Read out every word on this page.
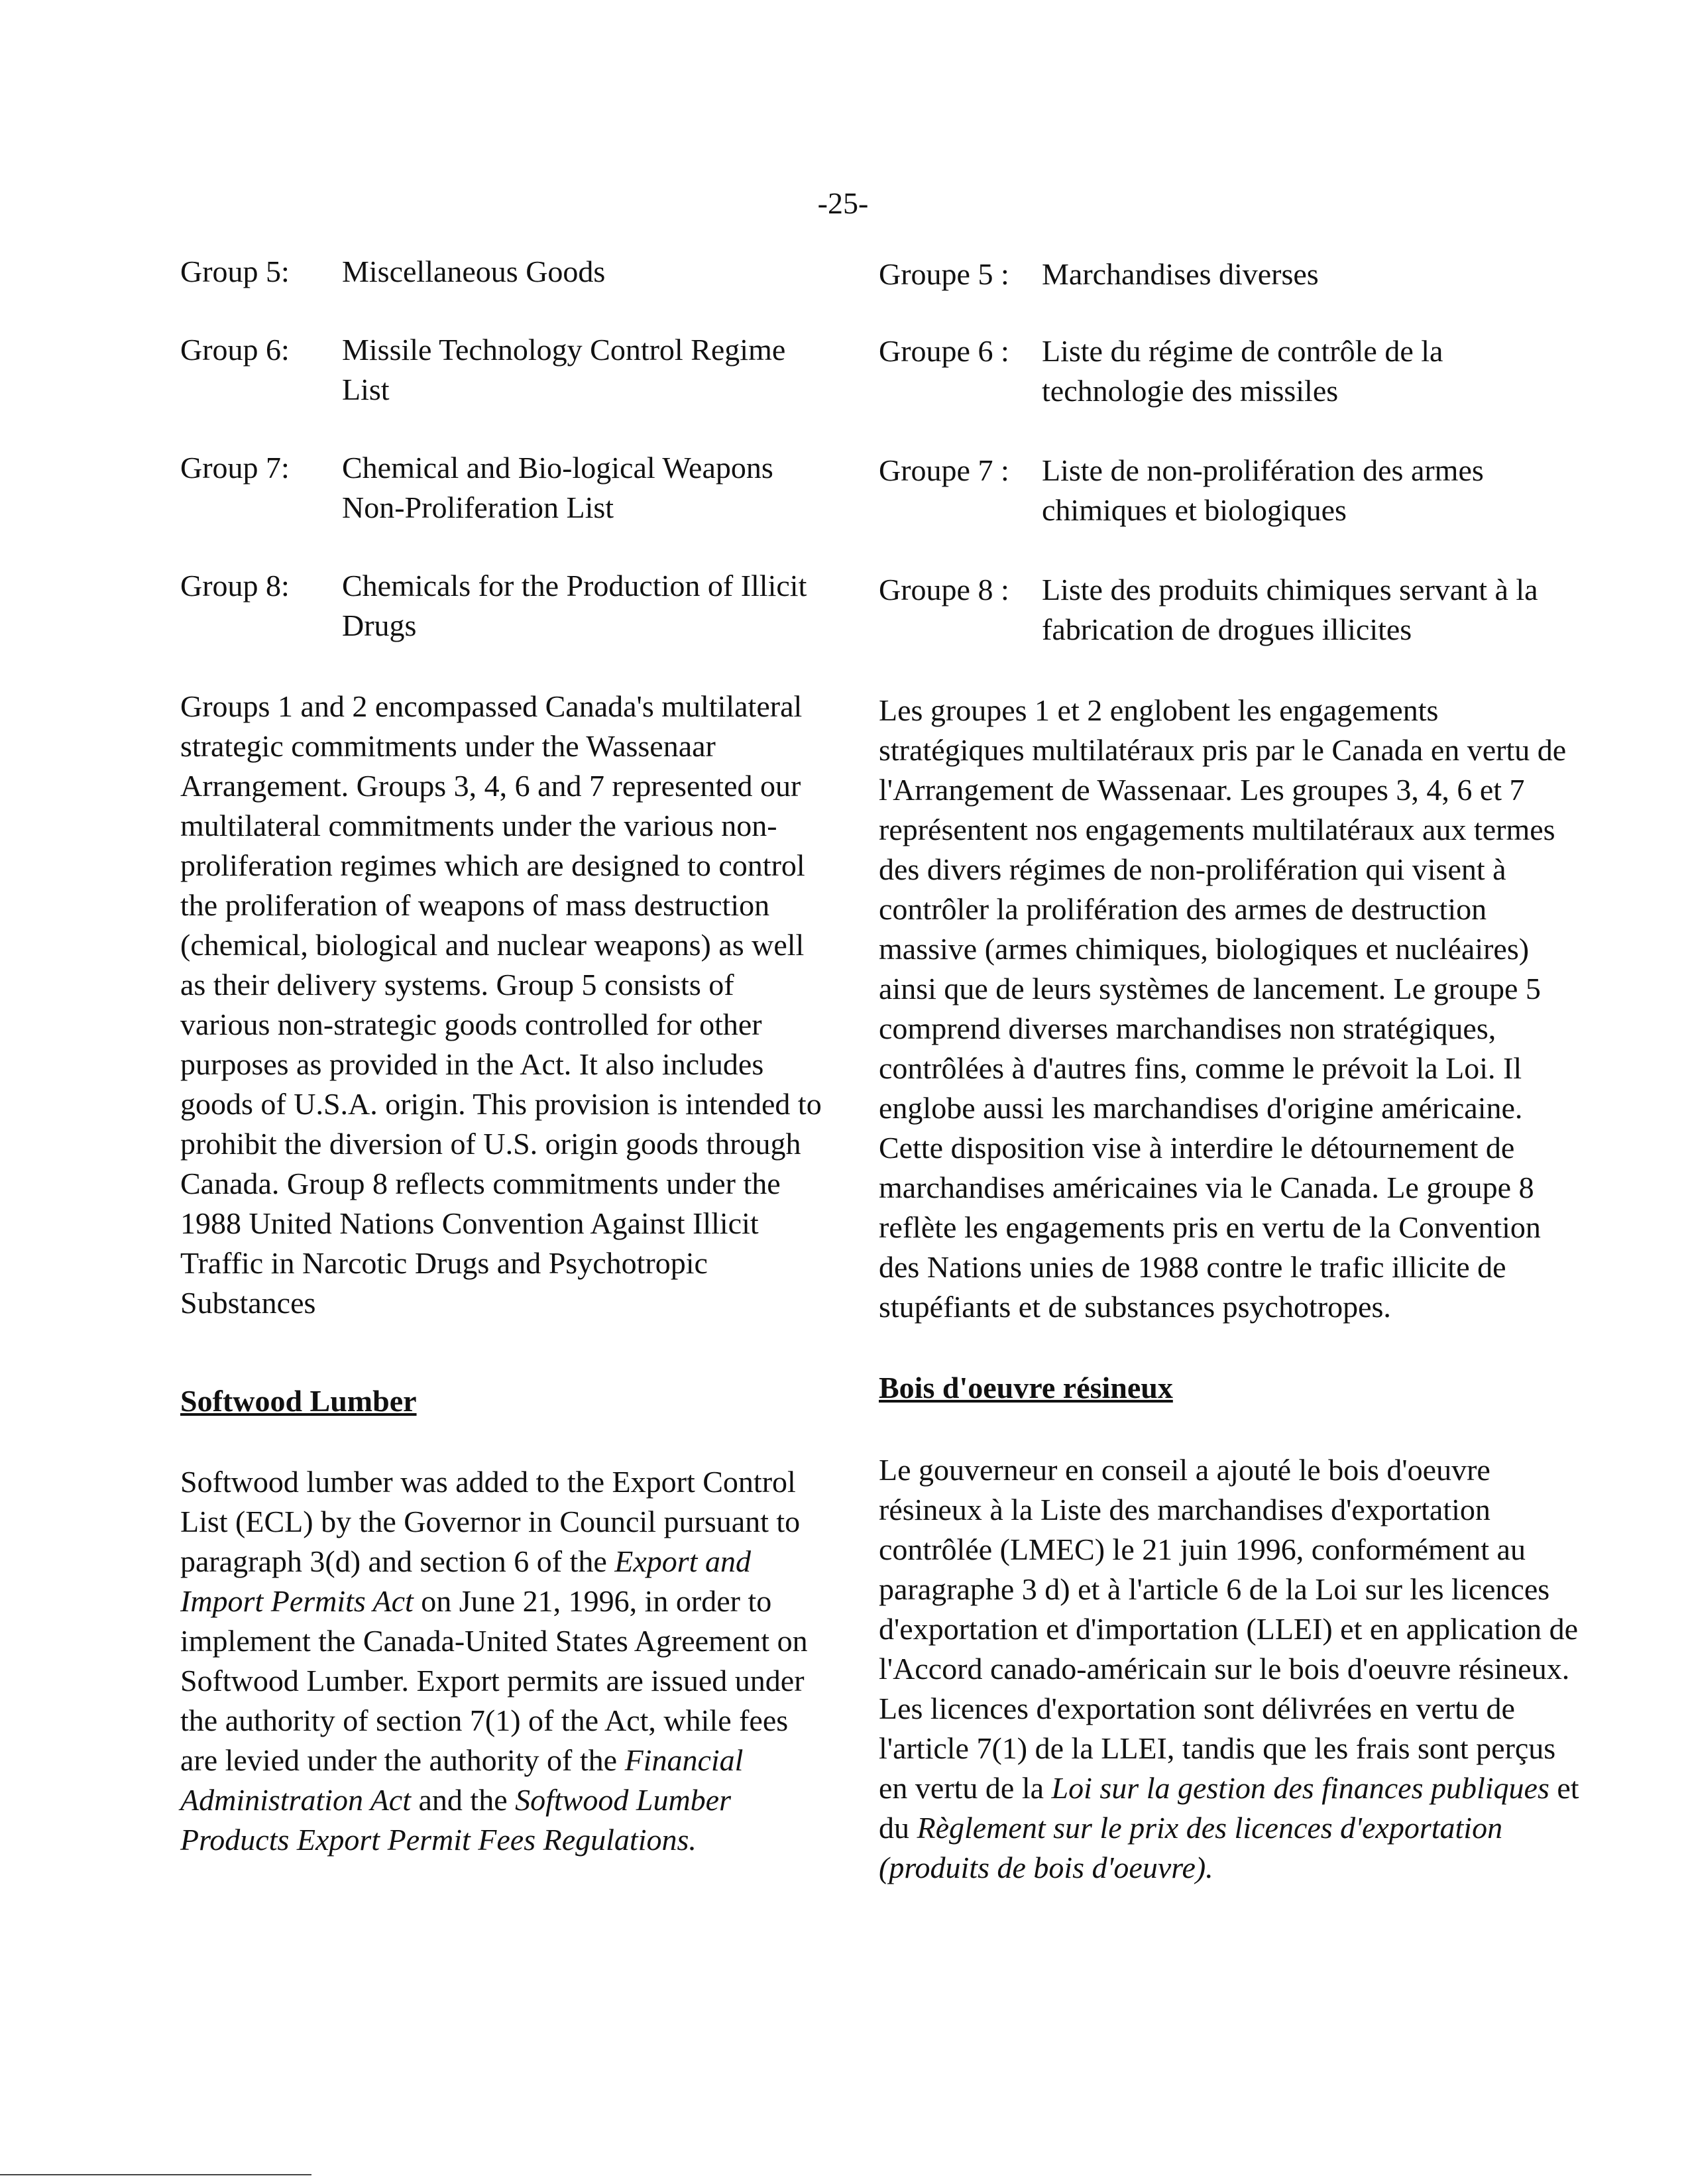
-25-
Group 5:	Miscellaneous Goods
Group 6:	Missile Technology Control Regime List
Group 7:	Chemical and Bio-logical Weapons Non-Proliferation List
Group 8:	Chemicals for the Production of Illicit Drugs

Groups 1 and 2 encompassed Canada's multilateral strategic commitments under the Wassenaar Arrangement. Groups 3, 4, 6 and 7 represented our multilateral commitments under the various non-proliferation regimes which are designed to control the proliferation of weapons of mass destruction (chemical, biological and nuclear weapons) as well as their delivery systems. Group 5 consists of various non-strategic goods controlled for other purposes as provided in the Act. It also includes goods of U.S.A. origin. This provision is intended to prohibit the diversion of U.S. origin goods through Canada. Group 8 reflects commitments under the 1988 United Nations Convention Against Illicit Traffic in Narcotic Drugs and Psychotropic Substances

Softwood Lumber

Softwood lumber was added to the Export Control List (ECL) by the Governor in Council pursuant to paragraph 3(d) and section 6 of the Export and Import Permits Act on June 21, 1996, in order to implement the Canada-United States Agreement on Softwood Lumber. Export permits are issued under the authority of section 7(1) of the Act, while fees are levied under the authority of the Financial Administration Act and the Softwood Lumber Products Export Permit Fees Regulations.

Groupe 5 :	Marchandises diverses
Groupe 6 :	Liste du régime de contrôle de la technologie des missiles
Groupe 7 :	Liste de non-prolifération des armes chimiques et biologiques
Groupe 8 :	Liste des produits chimiques servant à la fabrication de drogues illicites

Les groupes 1 et 2 englobent les engagements stratégiques multilatéraux pris par le Canada en vertu de l'Arrangement de Wassenaar. Les groupes 3, 4, 6 et 7 représentent nos engagements multilatéraux aux termes des divers régimes de non-prolifération qui visent à contrôler la prolifération des armes de destruction massive (armes chimiques, biologiques et nucléaires) ainsi que de leurs systèmes de lancement. Le groupe 5 comprend diverses marchandises non stratégiques, contrôlées à d'autres fins, comme le prévoit la Loi. Il englobe aussi les marchandises d'origine américaine. Cette disposition vise à interdire le détournement de marchandises américaines via le Canada. Le groupe 8 reflète les engagements pris en vertu de la Convention des Nations unies de 1988 contre le trafic illicite de stupéfiants et de substances psychotropes.

Bois d'oeuvre résineux

Le gouverneur en conseil a ajouté le bois d'oeuvre résineux à la Liste des marchandises d'exportation contrôlée (LMEC) le 21 juin 1996, conformément au paragraphe 3 d) et à l'article 6 de la Loi sur les licences d'exportation et d'importation (LLEI) et en application de l'Accord canado-américain sur le bois d'oeuvre résineux. Les licences d'exportation sont délivrées en vertu de l'article 7(1) de la LLEI, tandis que les frais sont perçus en vertu de la Loi sur la gestion des finances publiques et du Règlement sur le prix des licences d'exportation (produits de bois d'oeuvre).
